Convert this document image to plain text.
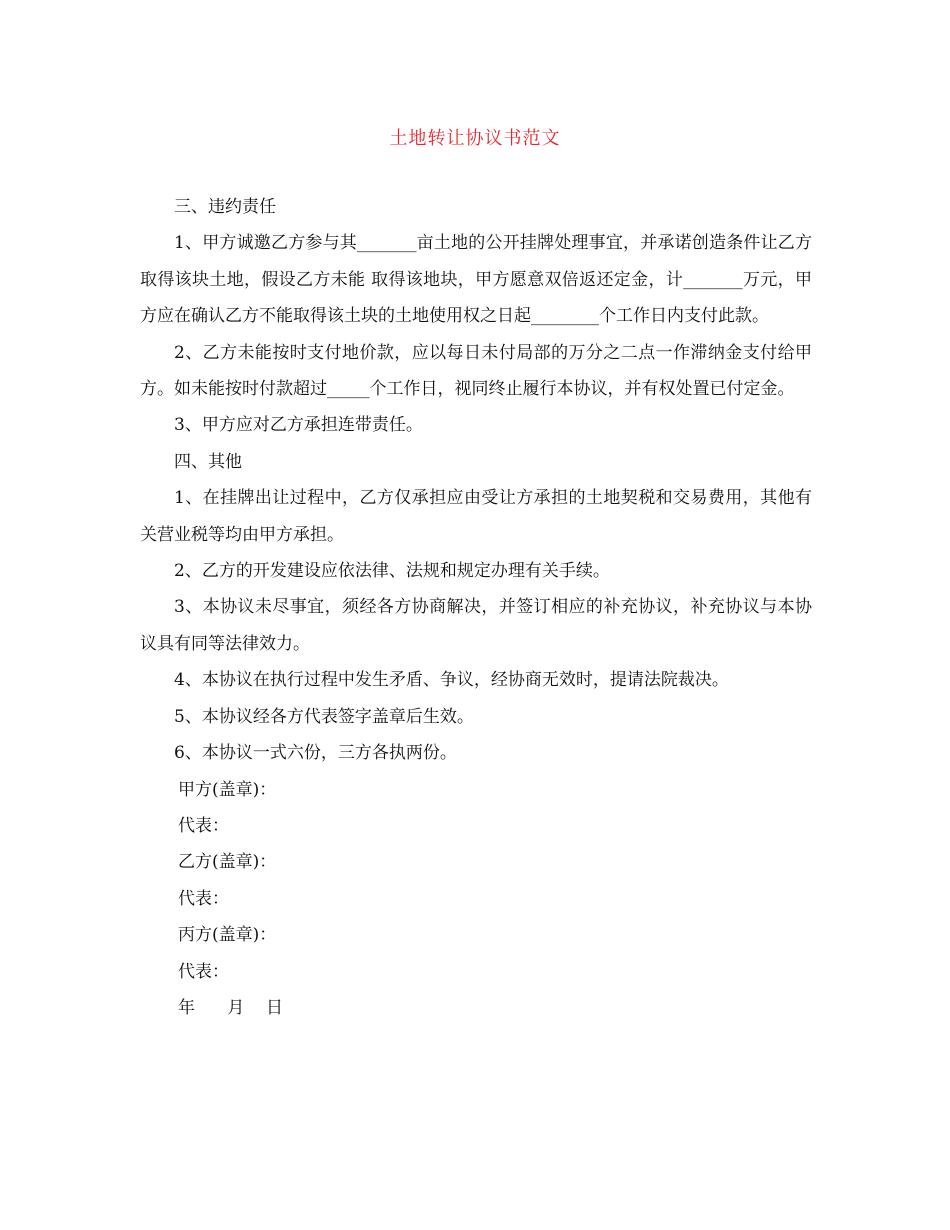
土地转让协议书范文

三、违约责任

1、甲方诚邀乙方参与其_______亩土地的公开挂牌处理事宜，并承诺创造条件让乙方取得该块土地，假设乙方未能 取得该地块，甲方愿意双倍返还定金，计_______万元，甲方应在确认乙方不能取得该土块的土地使用权之日起________个工作日内支付此款。

2、乙方未能按时支付地价款，应以每日未付局部的万分之二点一作滞纳金支付给甲方。如未能按时付款超过_____个工作日，视同终止履行本协议，并有权处置已付定金。

3、甲方应对乙方承担连带责任。

四、其他

1、在挂牌出让过程中，乙方仅承担应由受让方承担的土地契税和交易费用，其他有关营业税等均由甲方承担。

2、乙方的开发建设应依法律、法规和规定办理有关手续。

3、本协议未尽事宜，须经各方协商解决，并签订相应的补充协议，补充协议与本协议具有同等法律效力。

4、本协议在执行过程中发生矛盾、争议，经协商无效时，提请法院裁决。

5、本协议经各方代表签字盖章后生效。

6、本协议一式六份，三方各执两份。

甲方(盖章)：
代表：
乙方(盖章)：
代表：
丙方(盖章)：
代表：
年      月    日
